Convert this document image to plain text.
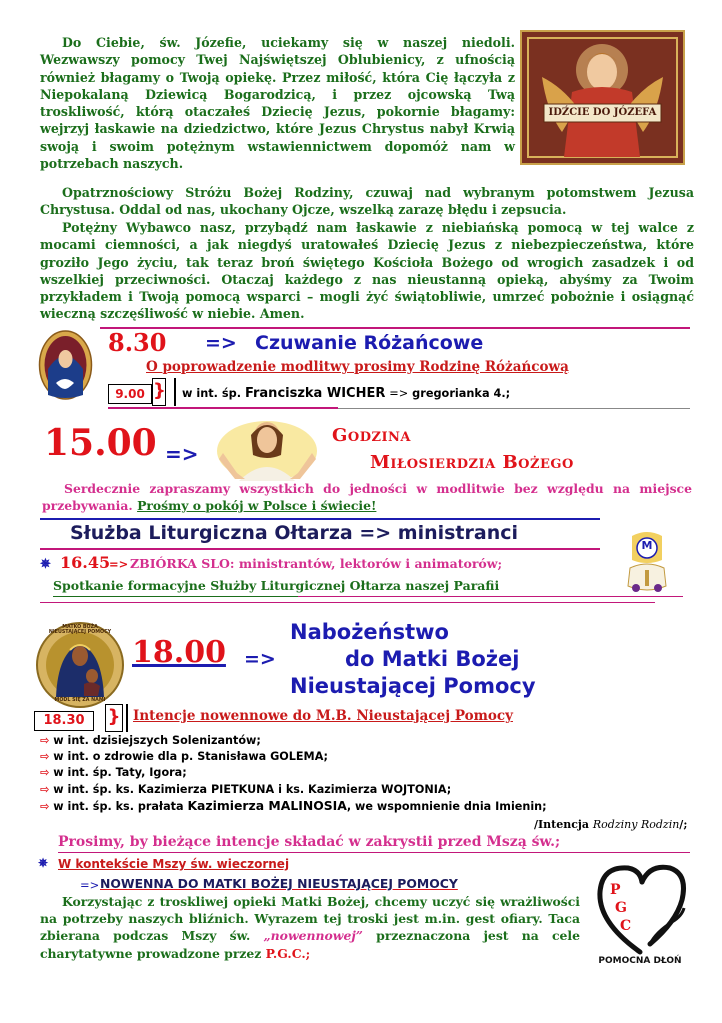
Do Ciebie, św. Józefie, uciekamy się w naszej niedoli. Wezwawszy pomocy Twej Najświętszej Oblubienicy, z ufnością również błagamy o Twoją opiekę. Przez miłość, która Cię łączyła z Niepokalaną Dziewicą Bogarodzicą, i przez ojcowską Twą troskliwość, którą otaczałeś Dziecię Jezus, pokornie błagamy: wejrzyj łaskawie na dziedzictwo, które Jezus Chrystus nabył Krwią swoją i swoim potężnym wstawiennictwem dopomóż nam w potrzebach naszych.
IDŹCIE DO JÓZEFA
Opatrznościowy Stróżu Bożej Rodziny, czuwaj nad wybranym potomstwem Jezusa Chrystusa. Oddal od nas, ukochany Ojcze, wszelką zarazę błędu i zepsucia.
Potężny Wybawco nasz, przybądź nam łaskawie z niebiańską pomocą w tej walce z mocami ciemności, a jak niegdyś uratowałeś Dziecię Jezus z niebezpieczeństwa, które groziło Jego życiu, tak teraz broń świętego Kościoła Bożego od wrogich zasadzek i od wszelkiej przeciwności. Otaczaj każdego z nas nieustanną opieką, abyśmy za Twoim przykładem i Twoją pomocą wsparci – mogli żyć świątobliwie, umrzeć pobożnie i osiągnąć wieczną szczęśliwość w niebie. Amen.
8.30 => Czuwanie Różańcowe
O poprowadzenie modlitwy prosimy Rodzinę Różańcową
9.00 } w int. śp. Franciszka WICHER => gregorianka 4.;
15.00 =>
Godzina
Miłosierdzia Bożego
Serdecznie zapraszamy wszystkich do jedności w modlitwie bez względu na miejsce przebywania. Prośmy o pokój w Polsce i świecie!
Służba Liturgiczna Ołtarza => ministranci
✵ 16.45
=> ZBIÓRKA SLO: ministrantów, lektorów i animatorów;
Spotkanie formacyjne Służby Liturgicznej Ołtarza naszej Parafii
M
MATKO BOŻA NIEUSTAJĄCEJ POMOCY
MÓDL SIĘ ZA NAMI
18.00 =>
Nabożeństwo
do Matki Bożej
Nieustającej Pomocy
18.30	} Intencje nowennowe do M.B. Nieustającej Pomocy
⇨ w int. dzisiejszych Solenizantów;
⇨ w int. o zdrowie dla p. Stanisława GOLEMA;
⇨ w int. śp. Taty, Igora;
⇨ w int. śp. ks. Kazimierza PIETKUNA i ks. Kazimierza WOJTONIA;
⇨ w int. śp. ks. prałata Kazimierza MALINOSIA, we wspomnienie dnia Imienin;
/Intencja Rodziny Rodzin/;
Prosimy, by bieżące intencje składać w zakrystii przed Mszą św.;
✵ W kontekście Mszy św. wieczornej
=> NOWENNA DO MATKI BOŻEJ NIEUSTAJĄCEJ POMOCY
Korzystając z troskliwej opieki Matki Bożej, chcemy uczyć się wrażliwości na potrzeby naszych bliźnich. Wyrazem tej troski jest m.in. gest ofiary. Taca zbierana podczas Mszy św. „nowennowej” przeznaczona jest na cele charytatywne prowadzone przez P.G.C.;
P
G
C
POMOCNA DŁOŃ
